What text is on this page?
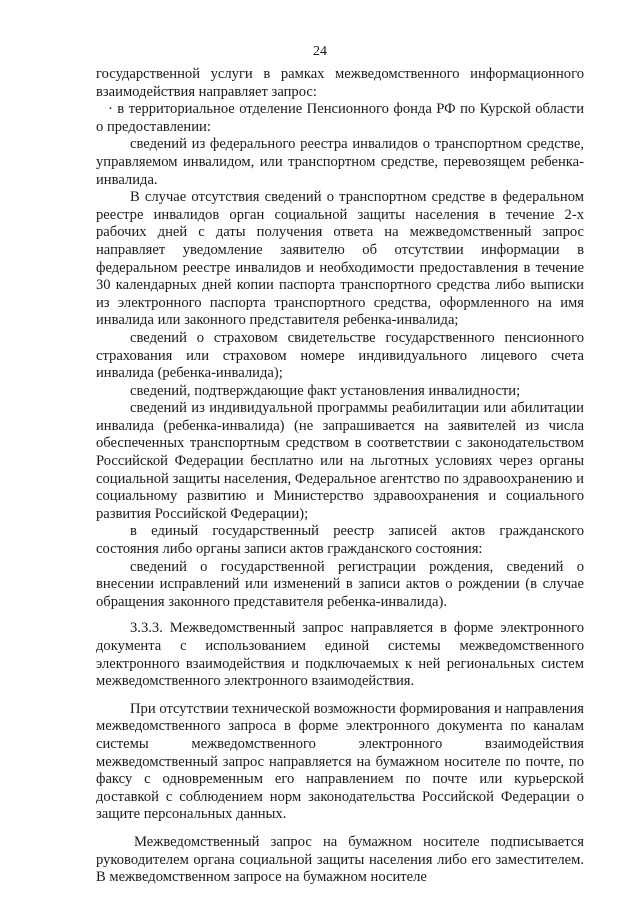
24

государственной услуги в рамках межведомственного информационного взаимодействия направляет запрос:

· в территориальное отделение Пенсионного фонда РФ по Курской области о предоставлении:

сведений из федерального реестра инвалидов о транспортном средстве, управляемом инвалидом, или транспортном средстве, перевозящем ребенка-инвалида.

В случае отсутствия сведений о транспортном средстве в федеральном реестре инвалидов орган социальной защиты населения в течение 2-х рабочих дней с даты получения ответа на межведомственный запрос направляет уведомление заявителю об отсутствии информации в федеральном реестре инвалидов и необходимости предоставления в течение 30 календарных дней копии паспорта транспортного средства либо выписки из электронного паспорта транспортного средства, оформленного на имя инвалида или законного представителя ребенка-инвалида;

сведений о страховом свидетельстве государственного пенсионного страхования или страховом номере индивидуального лицевого счета инвалида (ребенка-инвалида);

сведений, подтверждающие факт установления инвалидности;

сведений из индивидуальной программы реабилитации или абилитации инвалида (ребенка-инвалида) (не запрашивается на заявителей из числа обеспеченных транспортным средством в соответствии с законодательством Российской Федерации бесплатно или на льготных условиях через органы социальной защиты населения, Федеральное агентство по здравоохранению и социальному развитию и Министерство здравоохранения и социального развития Российской Федерации);

в единый государственный реестр записей актов гражданского состояния либо органы записи актов гражданского состояния:

сведений о государственной регистрации рождения, сведений о внесении исправлений или изменений в записи актов о рождении (в случае обращения законного представителя ребенка-инвалида).

3.3.3. Межведомственный запрос направляется в форме электронного документа с использованием единой системы межведомственного электронного взаимодействия и подключаемых к ней региональных систем межведомственного электронного взаимодействия.

При отсутствии технической возможности формирования и направления межведомственного запроса в форме электронного документа по каналам системы межведомственного электронного взаимодействия межведомственный запрос направляется на бумажном носителе по почте, по факсу с одновременным его направлением по почте или курьерской доставкой с соблюдением норм законодательства Российской Федерации о защите персональных данных.

Межведомственный запрос на бумажном носителе подписывается руководителем органа социальной защиты населения либо его заместителем. В межведомственном запросе на бумажном носителе
